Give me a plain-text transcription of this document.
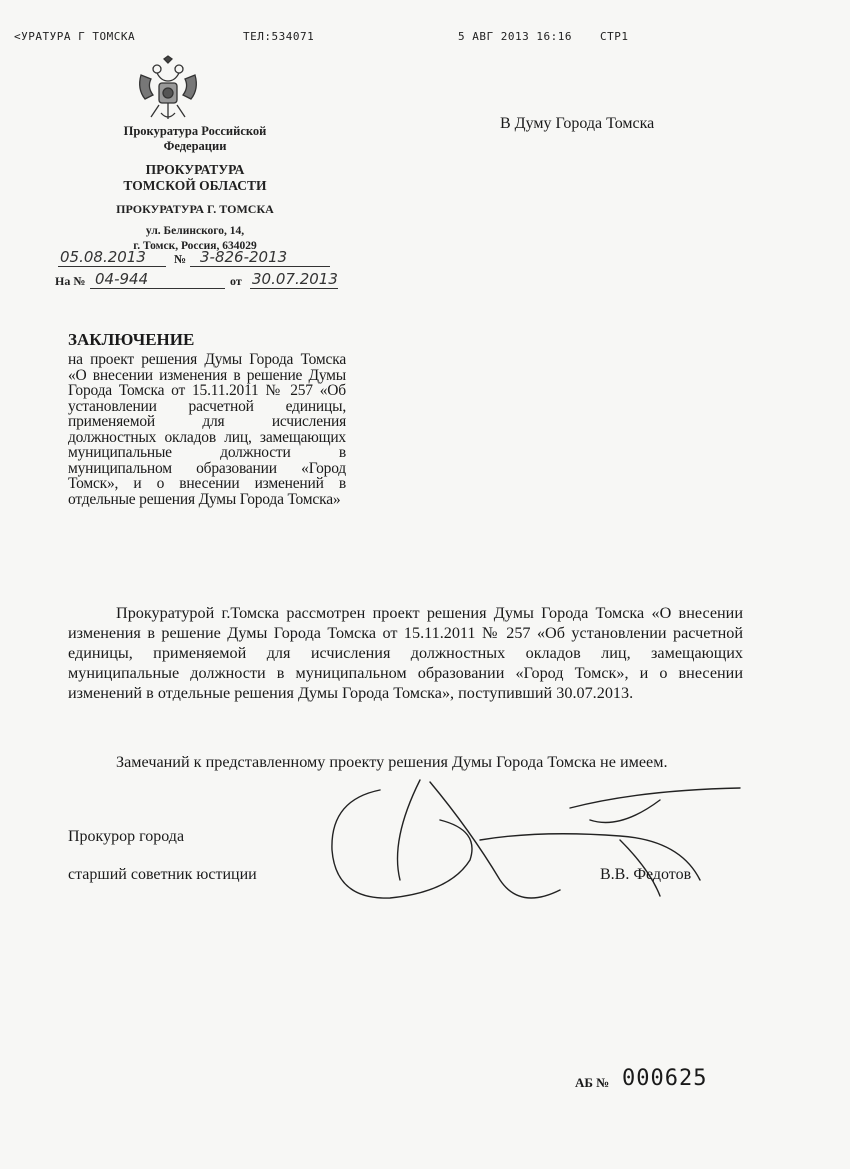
<УРАТУРА Г ТОМСКА	ТЕЛ:534071	5 АВГ 2013 16:16	СТР1
Прокуратура Российской
Федерации
ПРОКУРАТУРА
ТОМСКОЙ ОБЛАСТИ
ПРОКУРАТУРА Г. ТОМСКА
ул. Белинского, 14,
г. Томск, Россия, 634029
05.08.2013 № 3-826-2013
На № 04-944	от 30.07.2013
В Думу Города Томска
ЗАКЛЮЧЕНИЕ
на проект решения Думы Города Томска «О внесении изменения в решение Думы Города Томска от 15.11.2011 № 257 «Об установлении расчетной единицы, применяемой для исчисления должностных окладов лиц, замещающих муниципальные должности в муниципальном образовании «Город Томск», и о внесении изменений в отдельные решения Думы Города Томска»
Прокуратурой г.Томска рассмотрен проект решения Думы Города Томска «О внесении изменения в решение Думы Города Томска от 15.11.2011 № 257 «Об установлении расчетной единицы, применяемой для исчисления должностных окладов лиц, замещающих муниципальные должности в муниципальном образовании «Город Томск», и о внесении изменений в отдельные решения Думы Города Томска», поступивший 30.07.2013.
Замечаний к представленному проекту решения Думы Города Томска не имеем.
Прокурор города
старший советник юстиции	В.В. Федотов
АБ № 000625
